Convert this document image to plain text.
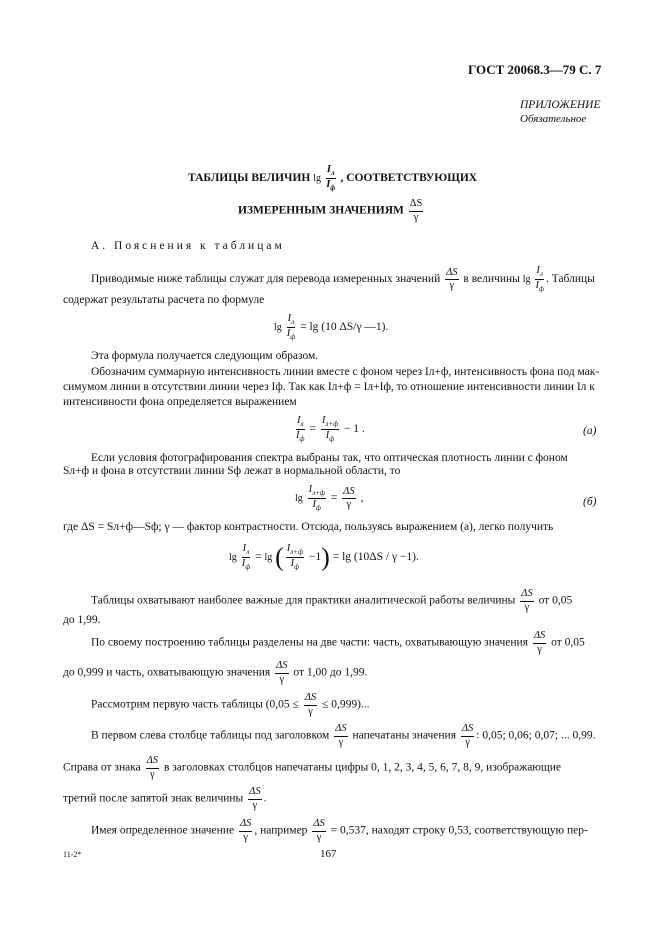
ГОСТ 20068.3—79 С. 7
ПРИЛОЖЕНИЕ
Обязательное
ТАБЛИЦЫ ВЕЛИЧИН $\lg \frac{I_л}{I_ф}$ , СООТВЕТСТВУЮЩИХ
ИЗМЕРЕННЫМ ЗНАЧЕНИЯМ $\frac{\Delta S}{\gamma}$
А. Пояснения к таблицам
Приводимые ниже таблицы служат для перевода измеренных значений $\frac{\Delta S}{\gamma}$ в величины $\lg \frac{I_л}{I_ф}$ . Таблицы
содержат результаты расчета по формуле
$\lg \frac{I_л}{I_ф} = \lg (10$ ΔS/γ —1).
Эта формула получается следующим образом.
Обозначим суммарную интенсивность линии вместе с фоном через Iл+ф, интенсивность фона под мак-
симумом линии в отсутствии линии через Iф. Так как Iл+ф = Iл+Iф, то отношение интенсивности линии Iл к
интенсивности фона определяется выражением
$\frac{I_л}{I_ф} = \frac{I_{л+ф}}{I_ф} - 1$ .	(а)
Если условия фотографирования спектра выбраны так, что оптическая плотность линии с фоном
Sл+ф и фона в отсутствии линии Sф лежат в нормальной области, то
$\lg \frac{I_{л+ф}}{I_ф} = \frac{\Delta S}{\gamma}$ ,	(б)
где ΔS = Sл+ф—Sф; γ — фактор контрастности. Отсюда, пользуясь выражением (а), легко получить
$\lg \frac{I_л}{I_ф} = \lg$ ( $\frac{I_{л+ф}}{I_ф} -1) = \lg (10\Delta S / \gamma -1)$.
Таблицы охватывают наиболее важные для практики аналитической работы величины $\frac{\Delta S}{\gamma}$ от 0,05
до 1,99.
По своему построению таблицы разделены на две части: часть, охватывающую значения $\frac{\Delta S}{\gamma}$ от 0,05
до 0,999 и часть, охватывающую значения $\frac{\Delta S}{\gamma}$ от 1,00 до 1,99.
Рассмотрим первую часть таблицы $(0,05 \le \frac{\Delta S}{\gamma} \le 0,999)$...
В первом слева столбце таблицы под заголовком $\frac{\Delta S}{\gamma}$ напечатаны значения $\frac{\Delta S}{\gamma}$ : 0,05; 0,06; 0,07; ... 0,99.
Справа от знака $\frac{\Delta S}{\gamma}$ в заголовках столбцов напечатаны цифры 0, 1, 2, 3, 4, 5, 6, 7, 8, 9, изображающие
третий после запятой знак величины $\frac{\Delta S}{\gamma}$ .
Имея определенное значение $\frac{\Delta S}{\gamma}$ , например $\frac{\Delta S}{\gamma} = 0,537$, находят строку 0,53, соответствующую пер-
11-2*	167
